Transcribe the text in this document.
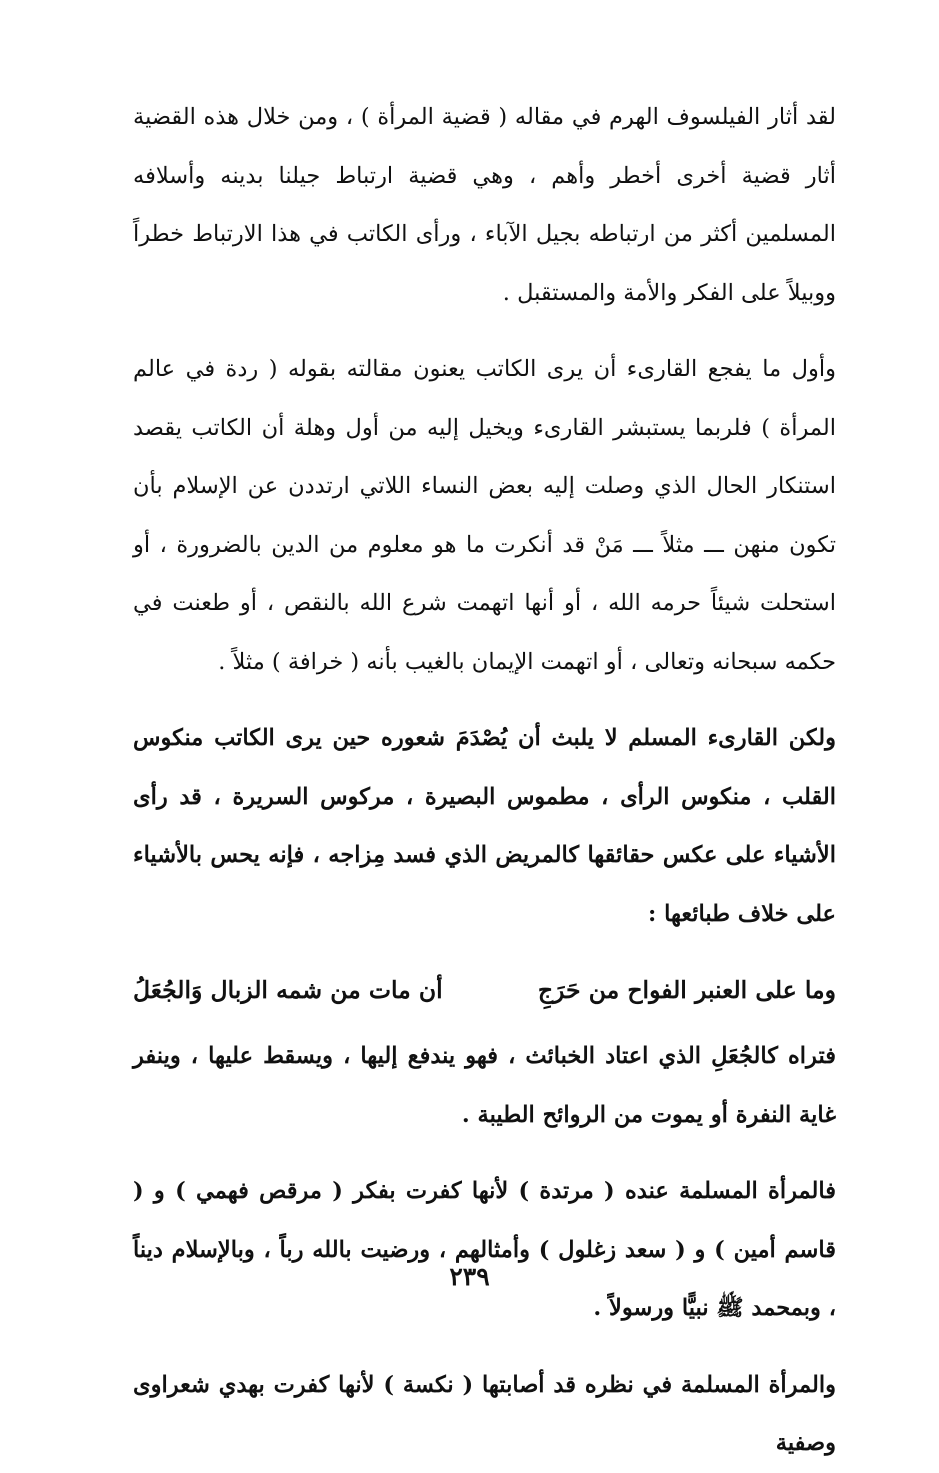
لقد أثار الفيلسوف الهرم في مقاله ( قضية المرأة ) ، ومن خلال هذه القضية أثار قضية أخرى أخطر وأهم ، وهي قضية ارتباط جيلنا بدينه وأسلافه المسلمين أكثر من ارتباطه بجيل الآباء ، ورأى الكاتب في هذا الارتباط خطراً ووبيلاً على الفكر والأمة والمستقبل .

وأول ما يفجع القارىء أن يرى الكاتب يعنون مقالته بقوله ( ردة في عالم المرأة ) فلربما يستبشر القارىء ويخيل إليه من أول وهلة أن الكاتب يقصد استنكار الحال الذي وصلت إليه بعض النساء اللاتي ارتددن عن الإسلام بأن تكون منهن ـــ مثلاً ـــ مَنْ قد أنكرت ما هو معلوم من الدين بالضرورة ، أو استحلت شيئاً حرمه الله ، أو أنها اتهمت شرع الله بالنقص ، أو طعنت في حكمه سبحانه وتعالى ، أو اتهمت الإيمان بالغيب بأنه ( خرافة ) مثلاً .

ولكن القارىء المسلم لا يلبث أن يُصْدَمَ شعوره حين يرى الكاتب منكوس القلب ، منكوس الرأى ، مطموس البصيرة ، مركوس السريرة ، قد رأى الأشياء على عكس حقائقها كالمريض الذي فسد مِزاجه ، فإنه يحس بالأشياء على خلاف طبائعها :

وما على العنبر الفواح من حَرَجِ
أن مات من شمه الزبال وَالجُعَلُ

فتراه كالجُعَلِ الذي اعتاد الخبائث ، فهو يندفع إليها ، ويسقط عليها ، وينفر غاية النفرة أو يموت من الروائح الطيبة .

فالمرأة المسلمة عنده ( مرتدة ) لأنها كفرت بفكر ( مرقص فهمي ) و ( قاسم أمين ) و ( سعد زغلول ) وأمثالهم ، ورضيت بالله رباً ، وبالإسلام ديناً ، وبمحمد ﷺ نبيًّا ورسولاً .

والمرأة المسلمة في نظره قد أصابتها ( نكسة ) لأنها كفرت بهدي شعراوى وصفية

٢٣٩
